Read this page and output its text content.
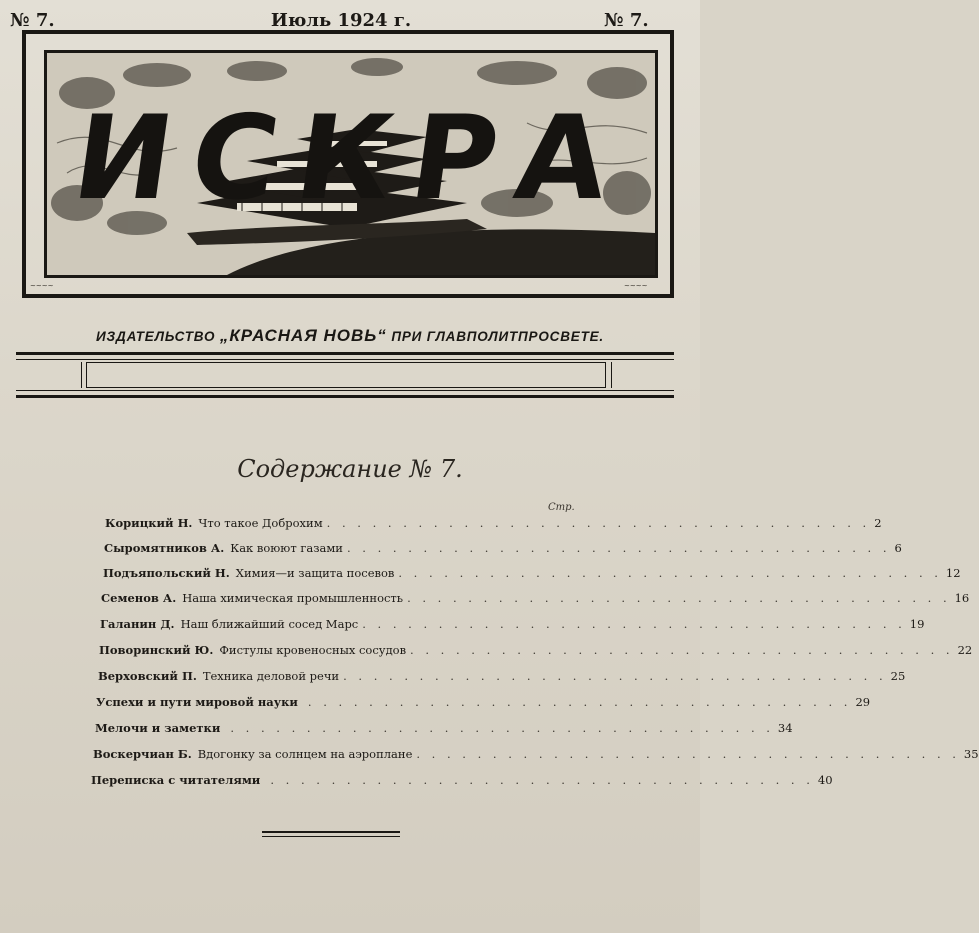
ИСКРА
~~~~	~~~~
ИЗДАТЕЛЬСТВО „КРАСНАЯ НОВЬ“ ПРИ ГЛАВПОЛИТПРОСВЕТЕ.
№ 7.	Июль 1924 г.	№ 7.
Содержание № 7.
Стр.
Корицкий Н. Что такое Доброхим . . . . . . . . . . . . . . . . . . . . . . . . . . . . . . . . . . . . 2
Сыромятников А. Как воюют газами . . . . . . . . . . . . . . . . . . . . . . . . . . . . . . . . . . . . 6
Подъяпольский Н. Химия—и защита посевов . . . . . . . . . . . . . . . . . . . . . . . . . . . . . . . . . . . . 12
Семенов А. Наша химическая промышленность . . . . . . . . . . . . . . . . . . . . . . . . . . . . . . . . . . . . 16
Галанин Д. Наш ближайший сосед Марс . . . . . . . . . . . . . . . . . . . . . . . . . . . . . . . . . . . . 19
Поворинский Ю. Фистулы кровеносных сосудов . . . . . . . . . . . . . . . . . . . . . . . . . . . . . . . . . . . . 22
Верховский П. Техника деловой речи . . . . . . . . . . . . . . . . . . . . . . . . . . . . . . . . . . . . 25
Успехи и пути мировой науки . . . . . . . . . . . . . . . . . . . . . . . . . . . . . . . . . . . . 29
Мелочи и заметки . . . . . . . . . . . . . . . . . . . . . . . . . . . . . . . . . . . . 34
Воскерчиан Б. Вдогонку за солнцем на аэроплане . . . . . . . . . . . . . . . . . . . . . . . . . . . . . . . . . . . . 35
Переписка с читателями . . . . . . . . . . . . . . . . . . . . . . . . . . . . . . . . . . . . 40
